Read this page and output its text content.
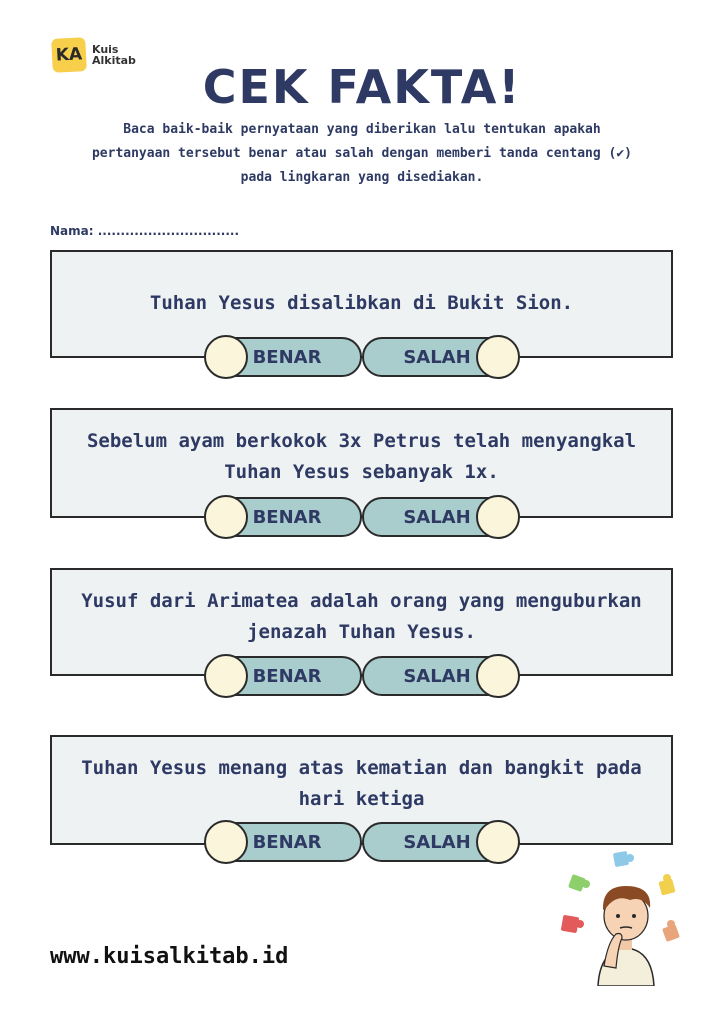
KA Kuis
Alkitab	CEK FAKTA!
Baca baik-baik pernyataan yang diberikan lalu tentukan apakah
pertanyaan tersebut benar atau salah dengan memberi tanda centang (✔)
pada lingkaran yang disediakan.
Nama: ...............................
Tuhan Yesus disalibkan di Bukit Sion.
BENAR	SALAH
Sebelum ayam berkokok 3x Petrus telah menyangkal
Tuhan Yesus sebanyak 1x.
BENAR	SALAH
Yusuf dari Arimatea adalah orang yang menguburkan
jenazah Tuhan Yesus.
BENAR	SALAH
Tuhan Yesus menang atas kematian dan bangkit pada
hari ketiga
BENAR	SALAH
www.kuisalkitab.id
